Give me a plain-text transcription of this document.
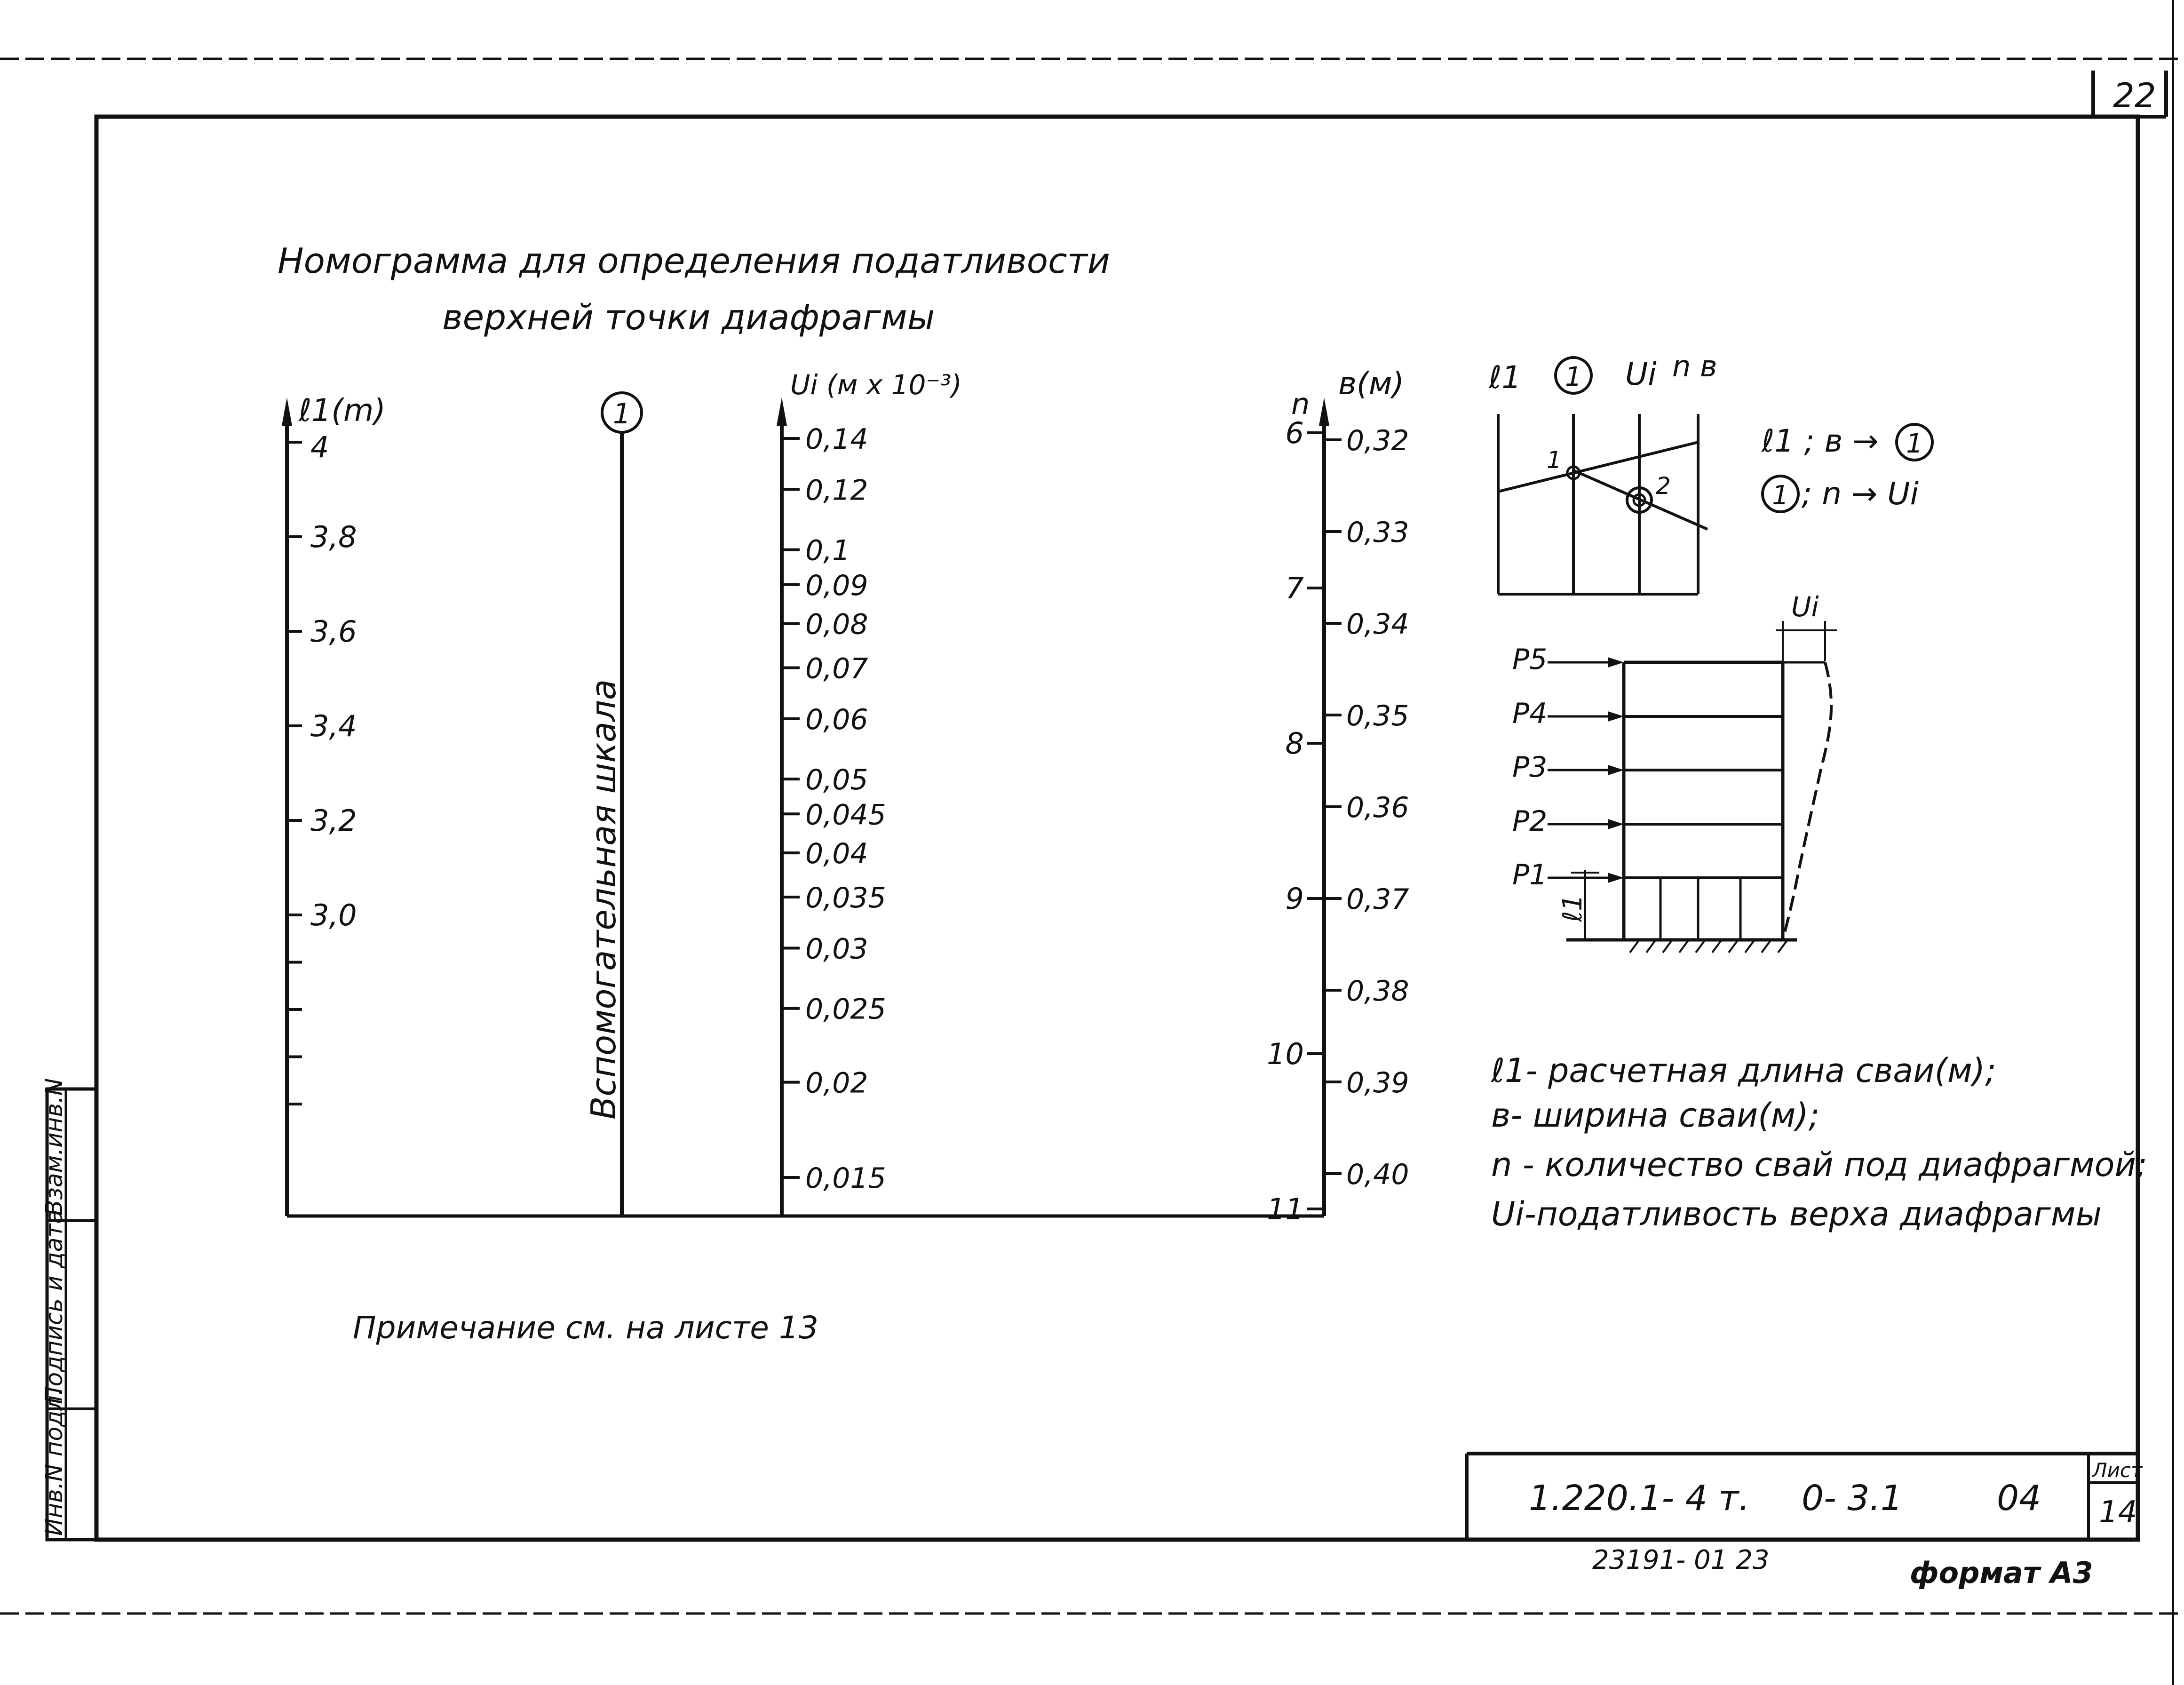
22
Взам.инв.N
Подпись и дата
Инв.N подл.
Номограмма для определения податливости
верхней точки диафрагмы
ℓ1(m)
4
3,8
3,6
3,4
3,2
3,0
1
Вспомогательная шкала
Ui (м x 10⁻³)
0,14
0,12
0,1
0,09
0,08
0,07
0,06
0,05
0,045
0,04
0,035
0,03
0,025
0,02
0,015
n
в(м)
6
7
8
9
10
11
0,32
0,33
0,34
0,35
0,36
0,37
0,38
0,39
0,40
ℓ1 1 Ui n в
1
2
ℓ1 ; в → 1
1 ; n → Ui
Ui
ℓ1
P5
P4
P3
P2
P1
ℓ1- расчетная длина сваи(м);
в- ширина сваи(м);
n - количество свай под диафрагмой;
Ui-податливость верха диафрагмы
Примечание см. на листе 13
1.220.1- 4 т. 0- 3.1	04
Лист
14
23191- 01 23	формат А3
